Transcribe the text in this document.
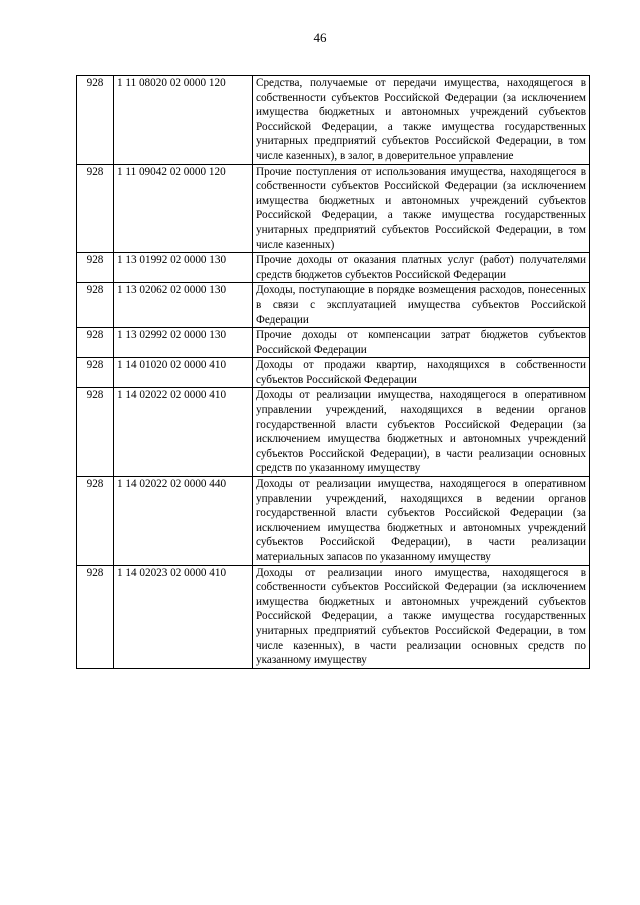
46
928	1 11 08020 02 0000 120	Средства, получаемые от передачи имущества, находящегося в собственности субъектов Российской Федерации (за исключением имущества бюджетных и автономных учреждений субъектов Российской Федерации, а также имущества государственных унитарных предприятий субъектов Российской Федерации, в том числе казенных), в залог, в доверительное управление
928	1 11 09042 02 0000 120	Прочие поступления от использования имущества, находящегося в собственности субъектов Российской Федерации (за исключением имущества бюджетных и автономных учреждений субъектов Российской Федерации, а также имущества государственных унитарных предприятий субъектов Российской Федерации, в том числе казенных)
928	1 13 01992 02 0000 130	Прочие доходы от оказания платных услуг (работ) получателями средств бюджетов субъектов Российской Федерации
928	1 13 02062 02 0000 130	Доходы, поступающие в порядке возмещения расходов, понесенных в связи с эксплуатацией имущества субъектов Российской Федерации
928	1 13 02992 02 0000 130	Прочие доходы от компенсации затрат бюджетов субъектов Российской Федерации
928	1 14 01020 02 0000 410	Доходы от продажи квартир, находящихся в собственности субъектов Российской Федерации
928	1 14 02022 02 0000 410	Доходы от реализации имущества, находящегося в оперативном управлении учреждений, находящихся в ведении органов государственной власти субъектов Российской Федерации (за исключением имущества бюджетных и автономных учреждений субъектов Российской Федерации), в части реализации основных средств по указанному имуществу
928	1 14 02022 02 0000 440	Доходы от реализации имущества, находящегося в оперативном управлении учреждений, находящихся в ведении органов государственной власти субъектов Российской Федерации (за исключением имущества бюджетных и автономных учреждений субъектов Российской Федерации), в части реализации материальных запасов по указанному имуществу
928	1 14 02023 02 0000 410	Доходы от реализации иного имущества, находящегося в собственности субъектов Российской Федерации (за исключением имущества бюджетных и автономных учреждений субъектов Российской Федерации, а также имущества государственных унитарных предприятий субъектов Российской Федерации, в том числе казенных), в части реализации основных средств по указанному имуществу
